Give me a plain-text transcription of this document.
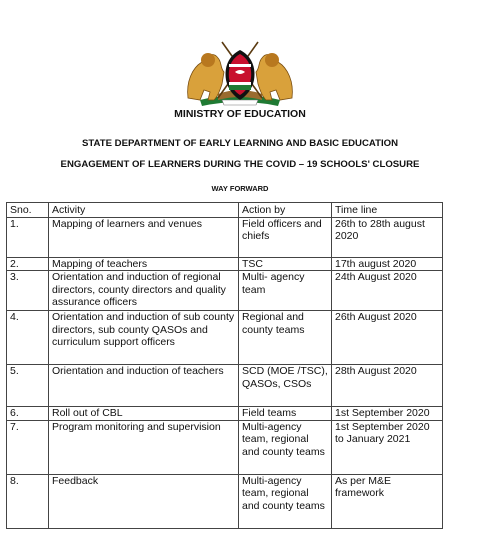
MINISTRY OF EDUCATION
STATE DEPARTMENT OF EARLY LEARNING AND BASIC EDUCATION
ENGAGEMENT OF LEARNERS DURING THE COVID – 19 SCHOOLS' CLOSURE
WAY FORWARD
Sno.	Activity	Action by	Time line
1.	Mapping of learners and venues	Field officers and chiefs	26th to 28th august 2020
2.	Mapping of teachers	TSC	17th august 2020
3.	Orientation and induction of regional directors, county directors and quality assurance officers	Multi- agency team	24th August 2020
4.	Orientation and induction of sub county directors, sub county QASOs and curriculum support officers	Regional and county teams	26th August 2020
5.	Orientation and induction of teachers	SCD (MOE /TSC), QASOs, CSOs	28th August 2020
6.	Roll out of CBL	Field teams	1st September 2020
7.	Program monitoring and supervision	Multi-agency team, regional and county teams	1st September 2020 to January 2021
8.	Feedback	Multi-agency team, regional and county teams	As per M&E framework
